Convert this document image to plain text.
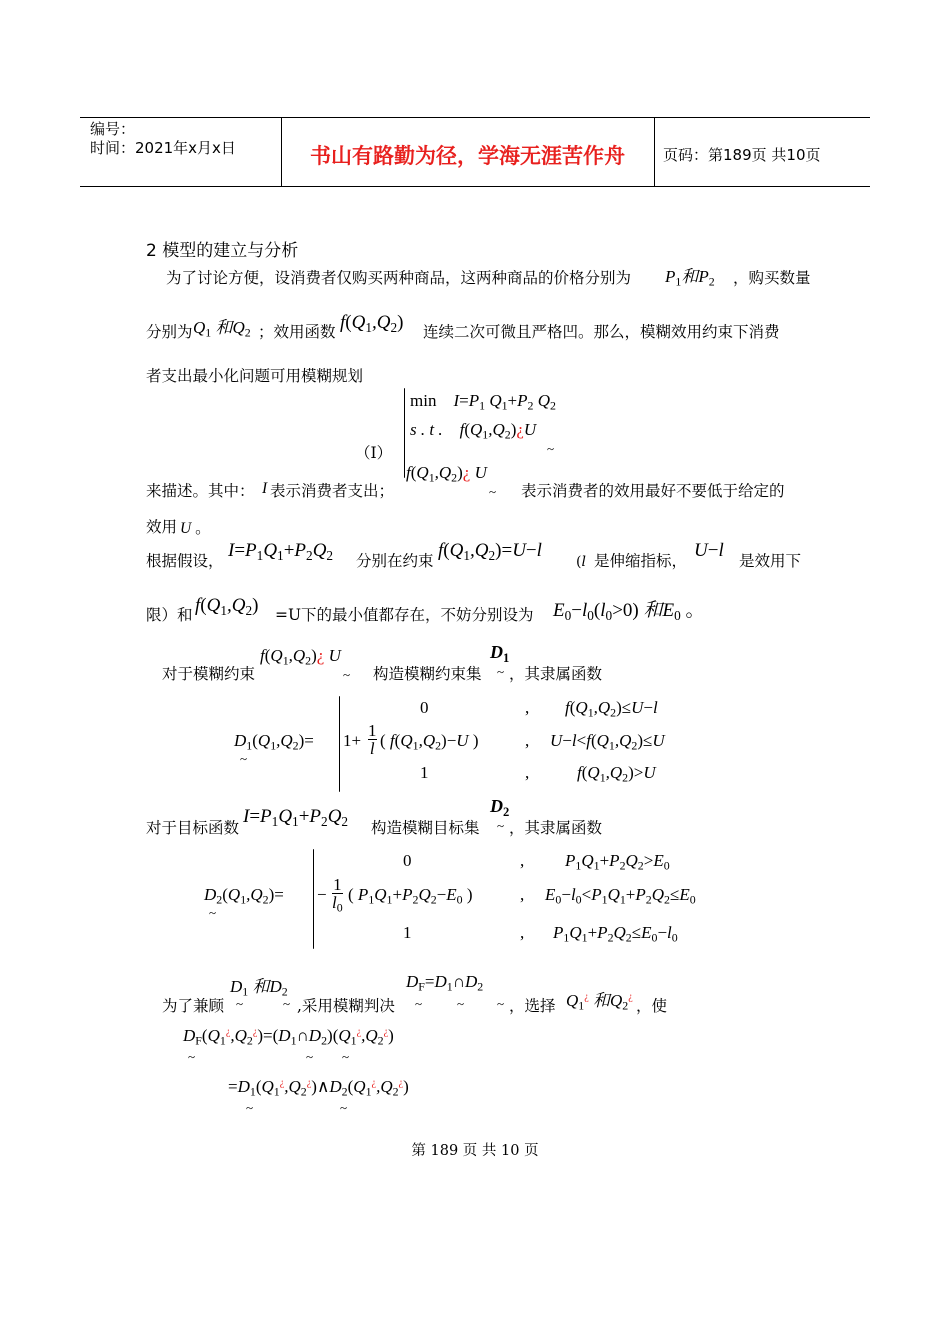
编号：
时间：2021年x月x日	书山有路勤为径，学海无涯苦作舟	页码：第189页 共10页
2 模型的建立与分析
为了讨论方便，设消费者仅购买两种商品，这两种商品的价格分别为 $P_1$和$P_2$ ，购买数量
分别为 $Q_1$ 和$Q_2$ ；效用函数 $f(Q_1,Q_2)$ 连续二次可微且严格凹。那么，模糊效用约束下消费
者支出最小化问题可用模糊规划
min    $I=P_1$ $Q_1+P_2$ $Q_2$
s . t .    $f(Q_1,Q_2)¿U$
~
（Ⅰ）
$f(Q_1,Q_2)¿$ U
~
来描述。其中： I 表示消费者支出；	表示消费者的效用最好不要低于给定的
效用 U 。
根据假设， $I=P_1Q_1+P_2Q_2$ 分别在约束 $f(Q_1,Q_2)=U-l$
(l 是伸缩指标， U−l 是效用下
限）和 $f(Q_1,Q_2) =U$下的最小值都存在，不妨分别设为 $E_0-l_0(l_0>0)$ 和$E_0$ 。
$f(Q_1,Q_2)¿$ U
~
$D_1$
对于模糊约束	构造模糊约束集 ~ ，其隶属函数
$D_1(Q_1,Q_2)=$
~
0	, $f(Q_1,Q_2)\le U-l$
1+
1
l ( $f(Q_1,Q_2)-U$ )	, $U-l<f(Q_1,Q_2)\le U$
1	,	$f(Q_1,Q_2)>U$
$D_2$
对于目标函数
$I=P_1Q_1+P_2Q_2$ 构造模糊目标集 ~ ，其隶属函数
$D_2(Q_1,Q_2)=$
~
0	, $P_1Q_1+P_2Q_2>E_0$
−
1
$l_0$
( $P_1Q_1+P_2Q_2-E_0$ )	, $E_0-l_0<P_1Q_1+P_2Q_2\le E_0$
1	, $P_1Q_1+P_2Q_2\le E_0-l_0$
$D_1$ 和$D_2$
$D_F=D_1\cap D_2$
为了兼顾 ~	~ ,采用模糊判决 ~	~	~ ，选择 $Q_1^¿$ 和$Q_2^¿$
，使
$D_F(Q_1^¿,Q_2^¿)=(D_1\cap D_2)(Q_1^¿,Q_2^¿)$
~	~ ~
$=D_1(Q_1^¿,Q_2^¿)\wedge D_2(Q_1^¿,Q_2^¿)$
~	~
第 189 页 共 10 页
